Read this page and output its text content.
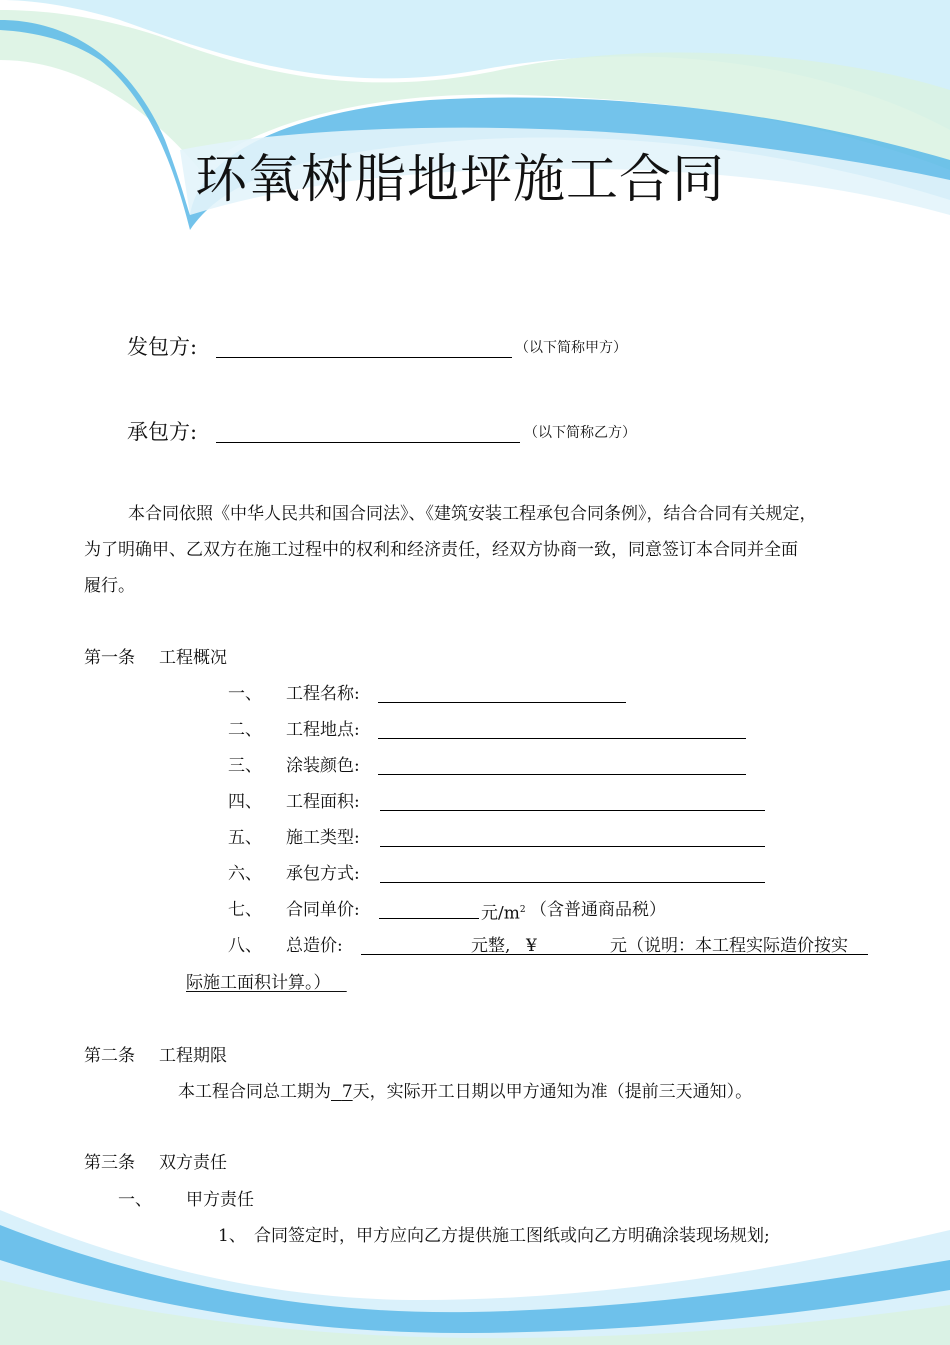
环氧树脂地坪施工合同
发包方:	（以下简称甲方）
承包方:	（以下简称乙方）
本合同依照《中华人民共和国合同法》、《建筑安装工程承包合同条例》，结合合同有关规定，
为了明确甲、乙双方在施工过程中的权利和经济责任，经双方协商一致，同意签订本合同并全面
履行。
第一条 工程概况
一、 工程名称:
二、 工程地点:
三、 涂装颜色:
四、 工程面积:
五、 施工类型:
六、 承包方式:
七、 合同单价:	元$/m^2$ （含普通商品税）
八、 总造价:	元整, ¥	元（说明：本工程实际造价按实
际施工面积计算。）
第二条 工程期限
本工程合同总工期为 7天，实际开工日期以甲方通知为准（提前三天通知）。
第三条 双方责任
一、 甲方责任
1、 合同签定时，甲方应向乙方提供施工图纸或向乙方明确涂装现场规划;
